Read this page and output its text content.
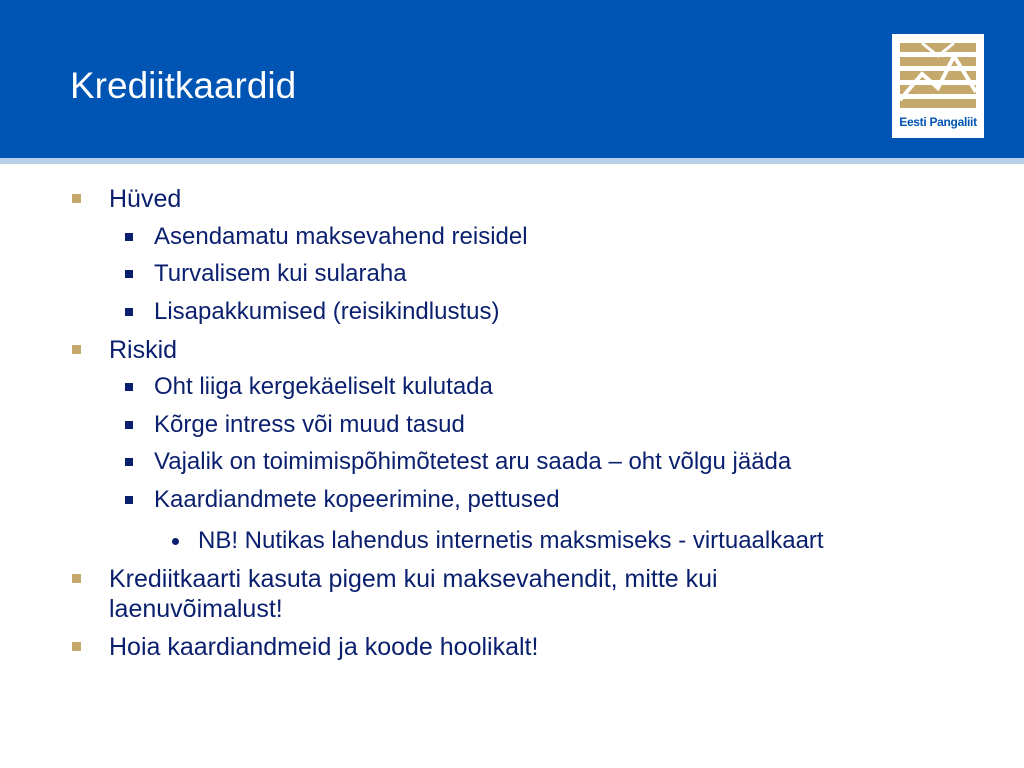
Krediitkaardid
Eesti Pangaliit
Hüved
Asendamatu maksevahend reisidel
Turvalisem kui sularaha
Lisapakkumised (reisikindlustus)
Riskid
Oht liiga kergekäeliselt kulutada
Kõrge intress või muud tasud
Vajalik on toimimispõhimõtetest aru saada – oht võlgu jääda
Kaardiandmete kopeerimine, pettused
NB! Nutikas lahendus internetis maksmiseks - virtuaalkaart
Krediitkaarti kasuta pigem kui maksevahendit, mitte kui
laenuvõimalust!
Hoia kaardiandmeid ja koode hoolikalt!
